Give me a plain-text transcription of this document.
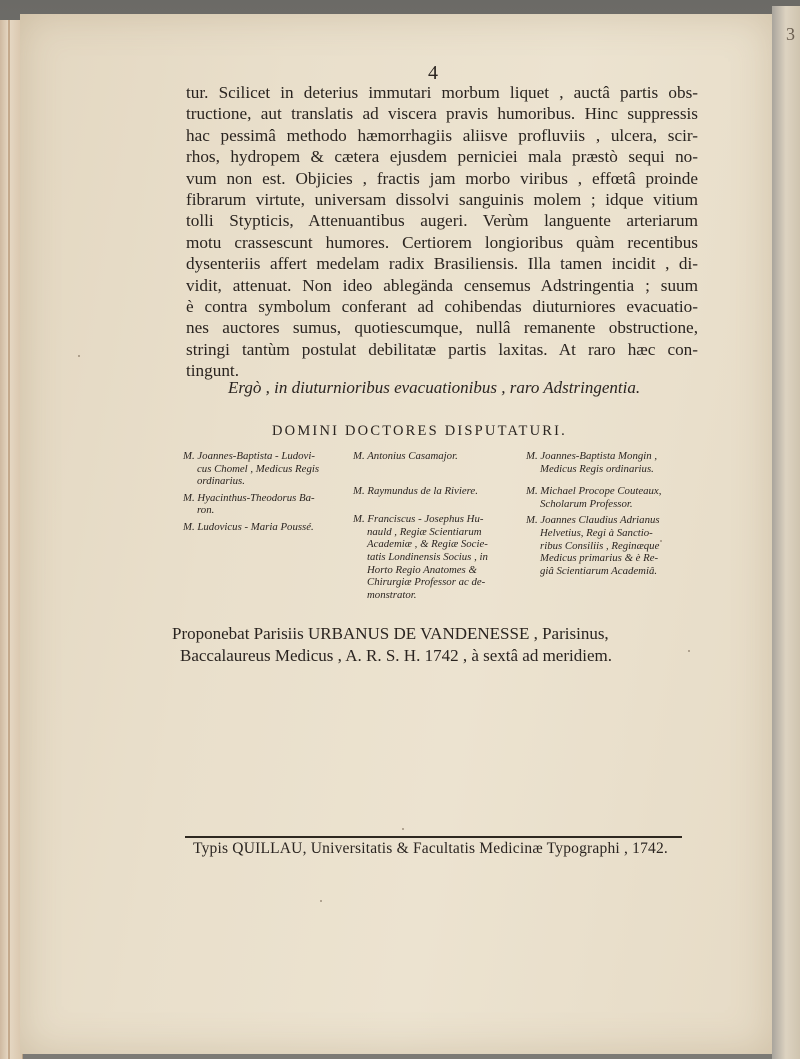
3
4
tur. Scilicet in deterius immutari morbum liquet , auctâ partis obs-
tructione, aut translatis ad viscera pravis humoribus. Hinc suppressis
hac pessimâ methodo hæmorrhagiis aliisve profluviis , ulcera, scir-
rhos, hydropem & cætera ejusdem perniciei mala præstò sequi no-
vum non est. Objicies , fractis jam morbo viribus , effœtâ proinde
fibrarum virtute, universam dissolvi sanguinis molem ; idque vitium
tolli Stypticis, Attenuantibus augeri. Verùm languente arteriarum
motu crassescunt humores. Certiorem longioribus quàm recentibus
dysenteriis affert medelam radix Brasiliensis. Illa tamen incidit , di-
vidit, attenuat. Non ideo ablegända censemus Adstringentia ; suum
è contra symbolum conferant ad cohibendas diuturniores evacuatio-
nes auctores sumus, quotiescumque, nullâ remanente obstructione,
stringi tantùm postulat debilitatæ partis laxitas. At raro hæc con-
tingunt.
Ergò , in diuturnioribus evacuationibus , raro Adstringentia.
DOMINI DOCTORES DISPUTATURI.
M. Joannes-Baptista - Ludovi-
cus Chomel , Medicus Regis
ordinarius.
M. Hyacinthus-Theodorus Ba-
ron.
M. Ludovicus - Maria Poussé.
M. Antonius Casamajor.
M. Raymundus de la Riviere.
M. Franciscus - Josephus Hu-
nauld , Regiæ Scientiarum
Academiæ , & Regiæ Socie-
tatis Londinensis Socius , in
Horto Regio Anatomes &
Chirurgiæ Professor ac de-
monstrator.
M. Joannes-Baptista Mongin ,
Medicus Regis ordinarius.
M. Michael Procope Couteaux,
Scholarum Professor.
M. Joannes Claudius Adrianus
Helvetius, Regi à Sanctio-
ribus Consiliis , Reginæque
Medicus primarius & è Re-
giâ Scientiarum Academiâ.
Proponebat Parisiis URBANUS DE VANDENESSE , Parisinus,
Baccalaureus Medicus , A. R. S. H. 1742 , à sextâ ad meridiem.
Typis QUILLAU, Universitatis & Facultatis Medicinæ Typographi , 1742.
